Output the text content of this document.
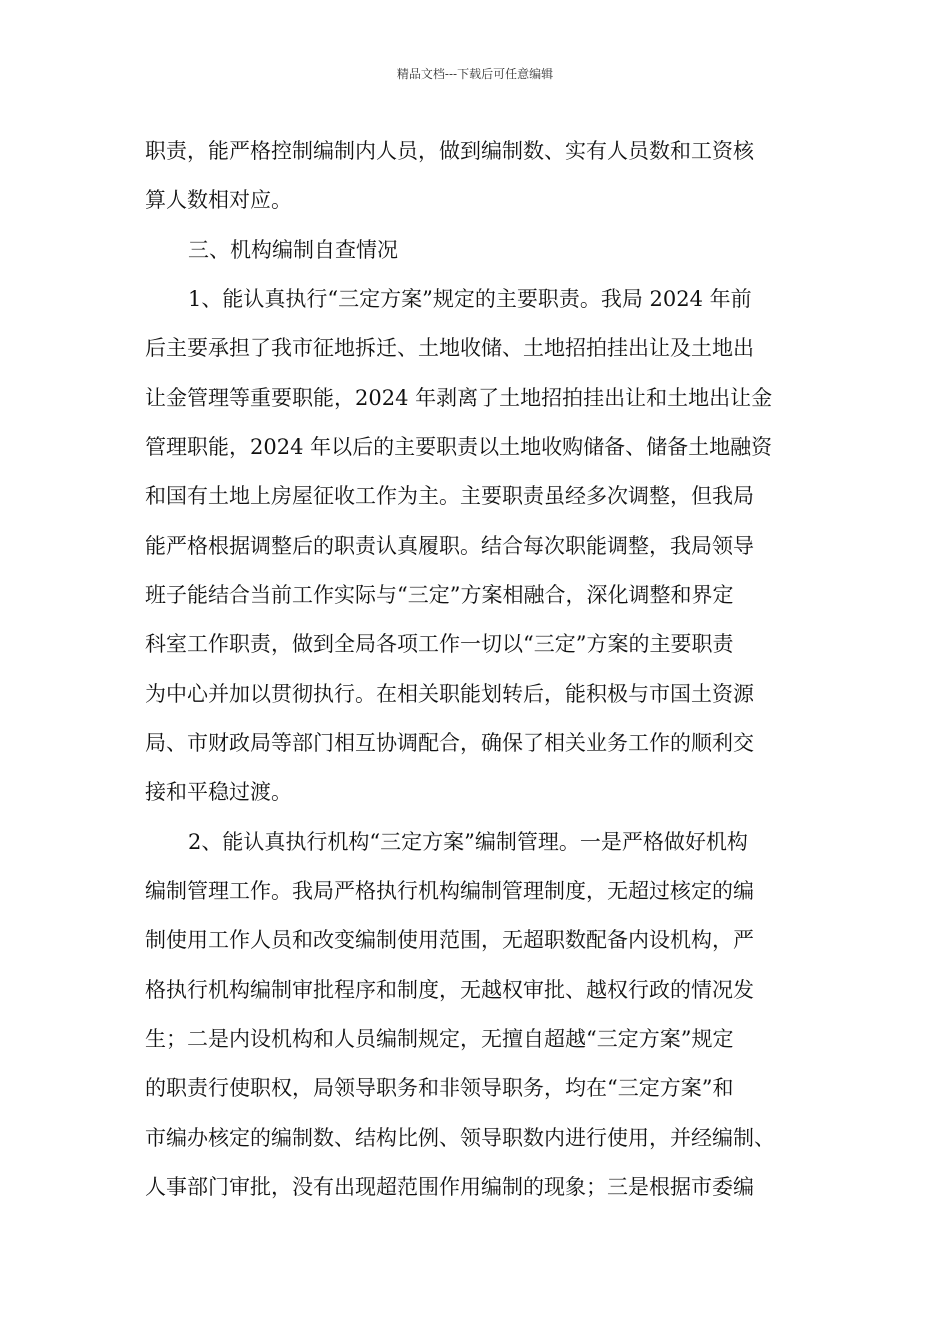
精品文档---下载后可任意编辑
职责，能严格控制编制内人员，做到编制数、实有人员数和工资核
算人数相对应。
三、机构编制自查情况
1、能认真执行“三定方案”规定的主要职责。我局 2024 年前
后主要承担了我市征地拆迁、土地收储、土地招拍挂出让及土地出
让金管理等重要职能，2024 年剥离了土地招拍挂出让和土地出让金
管理职能，2024 年以后的主要职责以土地收购储备、储备土地融资
和国有土地上房屋征收工作为主。主要职责虽经多次调整，但我局
能严格根据调整后的职责认真履职。结合每次职能调整，我局领导
班子能结合当前工作实际与“三定”方案相融合，深化调整和界定
科室工作职责，做到全局各项工作一切以“三定”方案的主要职责
为中心并加以贯彻执行。在相关职能划转后，能积极与市国土资源
局、市财政局等部门相互协调配合，确保了相关业务工作的顺利交
接和平稳过渡。
2、能认真执行机构“三定方案”编制管理。一是严格做好机构
编制管理工作。我局严格执行机构编制管理制度，无超过核定的编
制使用工作人员和改变编制使用范围，无超职数配备内设机构，严
格执行机构编制审批程序和制度，无越权审批、越权行政的情况发
生；二是内设机构和人员编制规定，无擅自超越“三定方案”规定
的职责行使职权，局领导职务和非领导职务，均在“三定方案”和
市编办核定的编制数、结构比例、领导职数内进行使用，并经编制、
人事部门审批，没有出现超范围作用编制的现象；三是根据市委编
